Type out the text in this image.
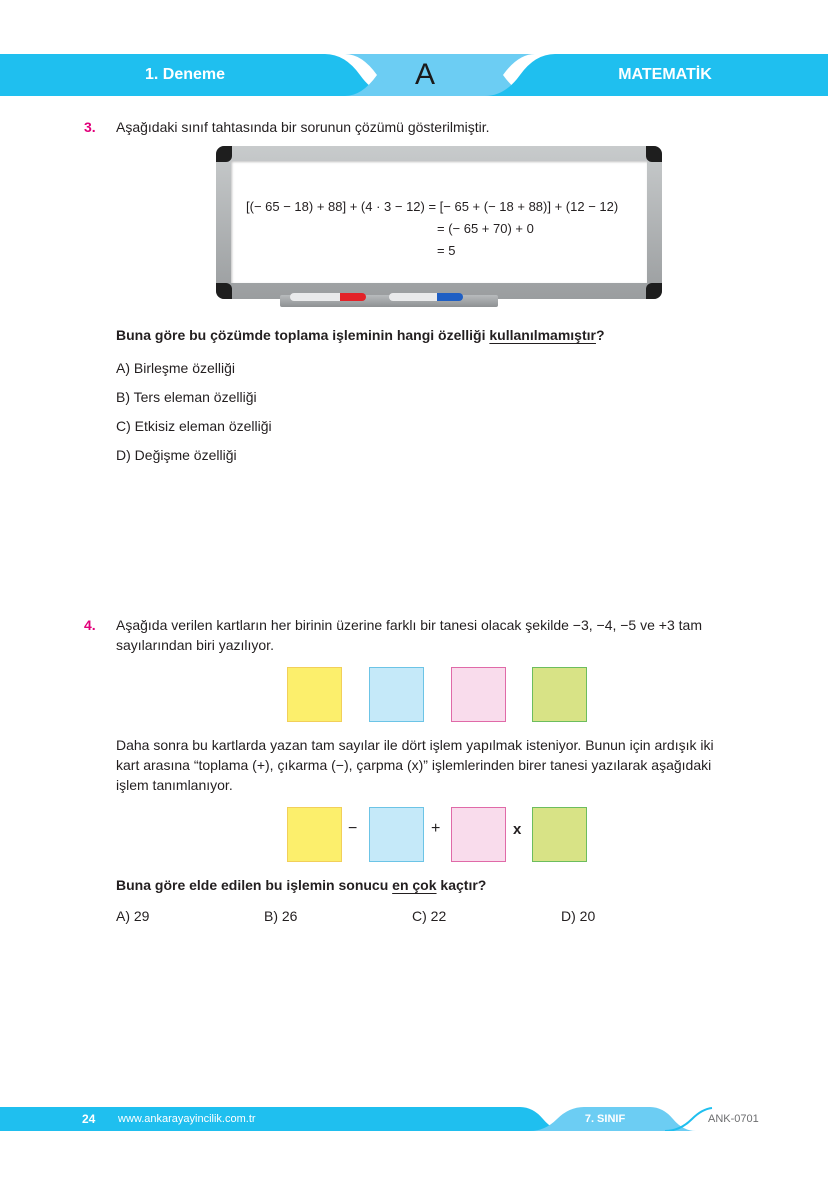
1. Deneme	A	MATEMATİK
3. Aşağıdaki sınıf tahtasında bir sorunun çözümü gösterilmiştir.
[(− 65 − 18) + 88] + (4 · 3 − 12) = [− 65 + (− 18 + 88)] + (12 − 12)
= (− 65 + 70) + 0
= 5
Buna göre bu çözümde toplama işleminin hangi özelliği kullanılmamıştır?
A) Birleşme özelliği
B) Ters eleman özelliği
C) Etkisiz eleman özelliği
D) Değişme özelliği
4. Aşağıda verilen kartların her birinin üzerine farklı bir tanesi olacak şekilde −3, −4, −5 ve +3 tam
sayılarından biri yazılıyor.
Daha sonra bu kartlarda yazan tam sayılar ile dört işlem yapılmak isteniyor. Bunun için ardışık iki
kart arasına “toplama (+), çıkarma (−), çarpma (x)” işlemlerinden birer tanesi yazılarak aşağıdaki
işlem tanımlanıyor.
−	+	x
Buna göre elde edilen bu işlemin sonucu en çok kaçtır?
A) 29	B) 26	C) 22	D) 20
24 www.ankarayayincilik.com.tr	7. SINIF	ANK-0701
